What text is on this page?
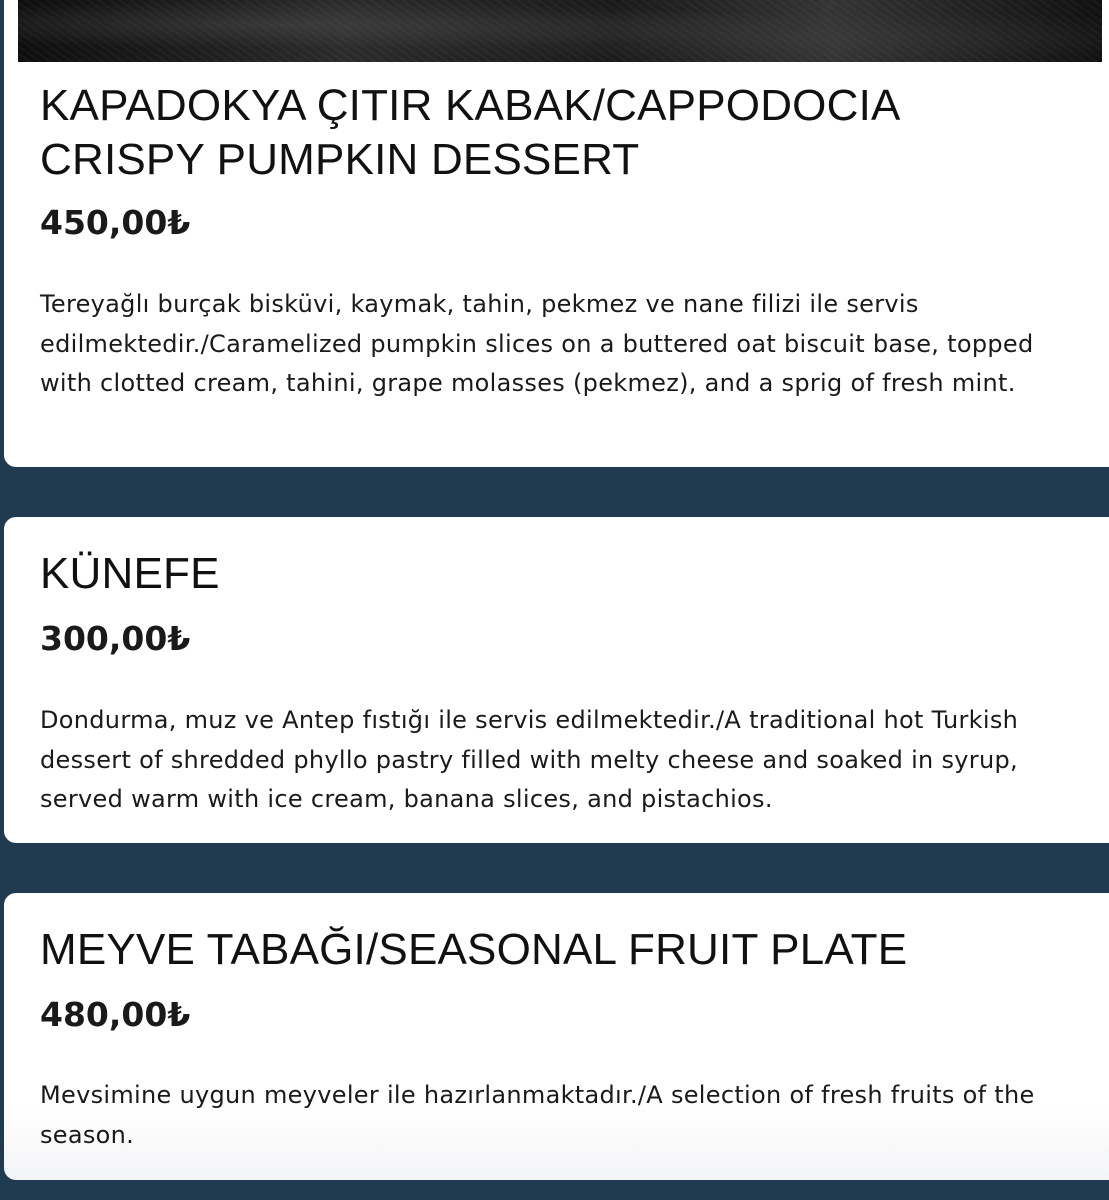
KAPADOKYA ÇITIR KABAK/CAPPODOCIA CRISPY PUMPKIN DESSERT
450,00₺

Tereyağlı burçak bisküvi, kaymak, tahin, pekmez ve nane filizi ile servis edilmektedir./Caramelized pumpkin slices on a buttered oat biscuit base, topped with clotted cream, tahini, grape molasses (pekmez), and a sprig of fresh mint.

KÜNEFE
300,00₺

Dondurma, muz ve Antep fıstığı ile servis edilmektedir./A traditional hot Turkish dessert of shredded phyllo pastry filled with melty cheese and soaked in syrup, served warm with ice cream, banana slices, and pistachios.

MEYVE TABAĞI/SEASONAL FRUIT PLATE
480,00₺

Mevsimine uygun meyveler ile hazırlanmaktadır./A selection of fresh fruits of the season.
